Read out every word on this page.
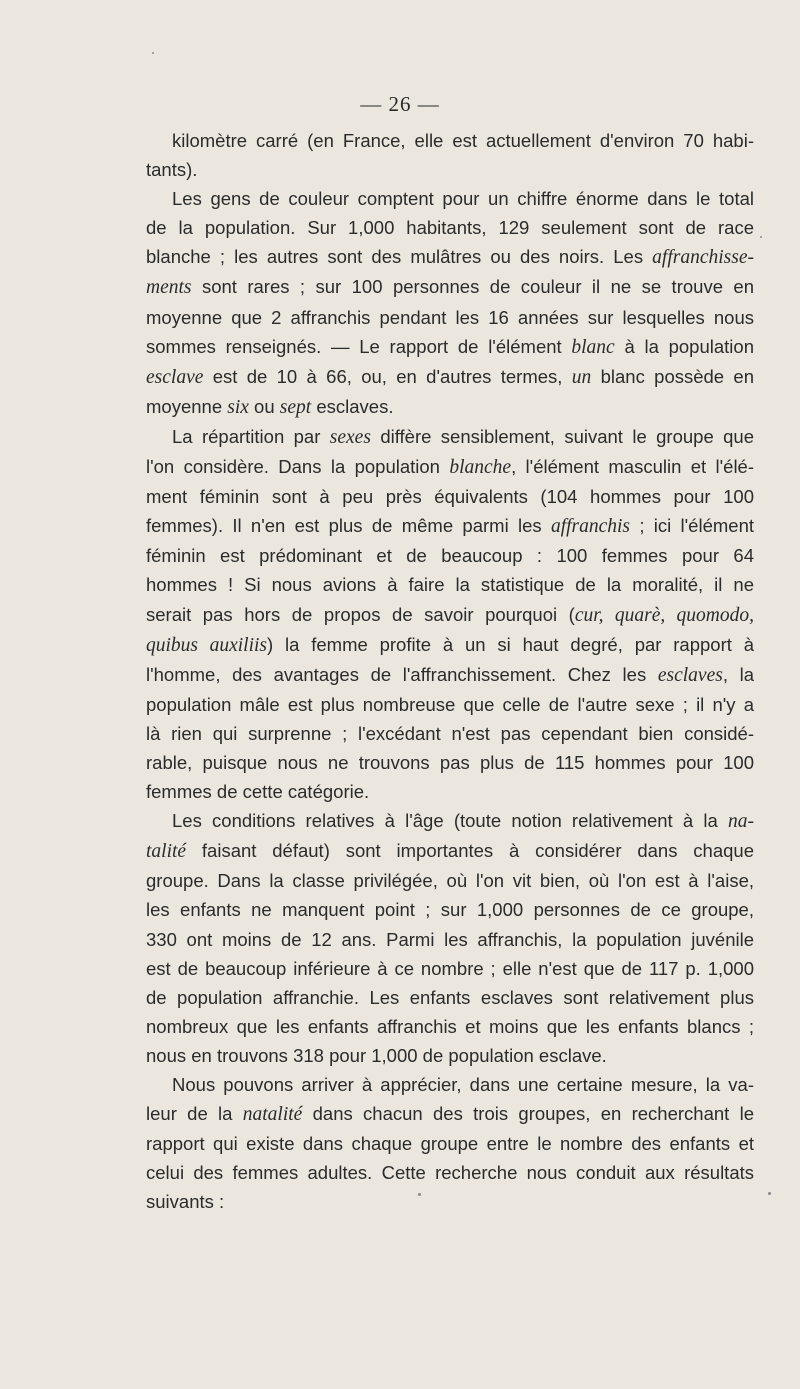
— 26 —

kilomètre carré (en France, elle est actuellement d'environ 70 habi-
tants).

Les gens de couleur comptent pour un chiffre énorme dans le total
de la population. Sur 1,000 habitants, 129 seulement sont de race
blanche ; les autres sont des mulâtres ou des noirs. Les affranchisse-
ments sont rares ; sur 100 personnes de couleur il ne se trouve en
moyenne que 2 affranchis pendant les 16 années sur lesquelles nous
sommes renseignés. — Le rapport de l'élément blanc à la population
esclave est de 10 à 66, ou, en d'autres termes, un blanc possède en
moyenne six ou sept esclaves.

La répartition par sexes diffère sensiblement, suivant le groupe que
l'on considère. Dans la population blanche, l'élément masculin et l'élé-
ment féminin sont à peu près équivalents (104 hommes pour 100
femmes). Il n'en est plus de même parmi les affranchis ; ici l'élément
féminin est prédominant et de beaucoup : 100 femmes pour 64
hommes ! Si nous avions à faire la statistique de la moralité, il ne
serait pas hors de propos de savoir pourquoi (cur, quarè, quomodo,
quibus auxiliis) la femme profite à un si haut degré, par rapport à
l'homme, des avantages de l'affranchissement. Chez les esclaves, la
population mâle est plus nombreuse que celle de l'autre sexe ; il n'y a
là rien qui surprenne ; l'excédant n'est pas cependant bien considé-
rable, puisque nous ne trouvons pas plus de 115 hommes pour 100
femmes de cette catégorie.

Les conditions relatives à l'âge (toute notion relativement à la na-
talité faisant défaut) sont importantes à considérer dans chaque
groupe. Dans la classe privilégée, où l'on vit bien, où l'on est à l'aise,
les enfants ne manquent point ; sur 1,000 personnes de ce groupe,
330 ont moins de 12 ans. Parmi les affranchis, la population juvénile
est de beaucoup inférieure à ce nombre ; elle n'est que de 117 p. 1,000
de population affranchie. Les enfants esclaves sont relativement plus
nombreux que les enfants affranchis et moins que les enfants blancs ;
nous en trouvons 318 pour 1,000 de population esclave.

Nous pouvons arriver à apprécier, dans une certaine mesure, la va-
leur de la natalité dans chacun des trois groupes, en recherchant le
rapport qui existe dans chaque groupe entre le nombre des enfants et
celui des femmes adultes. Cette recherche nous conduit aux résultats
suivants :
